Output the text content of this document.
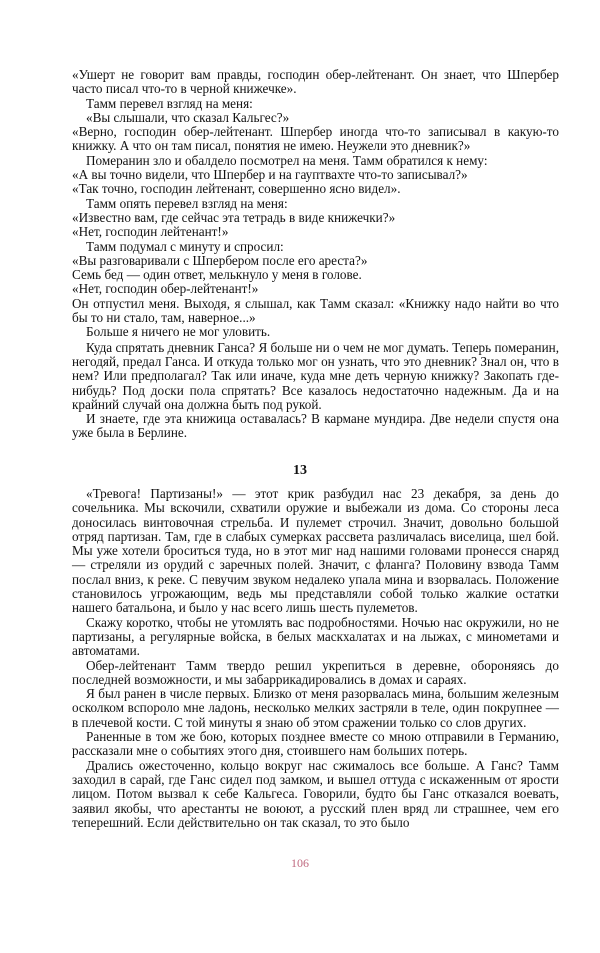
«Ушерт не говорит вам правды, господин обер-лейтенант. Он знает, что Шпербер часто писал что-то в черной книжечке».

Тамм перевел взгляд на меня:

«Вы слышали, что сказал Кальгес?»

«Верно, господин обер-лейтенант. Шпербер иногда что-то записывал в какую-то книжку. А что он там писал, понятия не имею. Неужели это дневник?»

Померанин зло и обалдело посмотрел на меня. Тамм обратился к нему:

«А вы точно видели, что Шпербер и на гауптвахте что-то записывал?»

«Так точно, господин лейтенант, совершенно ясно видел».

Тамм опять перевел взгляд на меня:

«Известно вам, где сейчас эта тетрадь в виде книжечки?»

«Нет, господин лейтенант!»

Тамм подумал с минуту и спросил:

«Вы разговаривали с Шпербером после его ареста?»

Семь бед — один ответ, мелькнуло у меня в голове.

«Нет, господин обер-лейтенант!»

Он отпустил меня. Выходя, я слышал, как Тамм сказал: «Книжку надо найти во что бы то ни стало, там, наверное...»

Больше я ничего не мог уловить.

Куда спрятать дневник Ганса? Я больше ни о чем не мог думать. Теперь померанин, негодяй, предал Ганса. И откуда только мог он узнать, что это дневник? Знал он, что в нем? Или предполагал? Так или иначе, куда мне деть черную книжку? Закопать где-нибудь? Под доски пола спрятать? Все казалось недостаточно надежным. Да и на крайний случай она должна быть под рукой.

И знаете, где эта книжица оставалась? В кармане мундира. Две недели спустя она уже была в Берлине.

13

«Тревога! Партизаны!» — этот крик разбудил нас 23 декабря, за день до сочельника. Мы вскочили, схватили оружие и выбежали из дома. Со стороны леса доносилась винтовочная стрельба. И пулемет строчил. Значит, довольно большой отряд партизан. Там, где в слабых сумерках рассвета различалась виселица, шел бой. Мы уже хотели броситься туда, но в этот миг над нашими головами пронесся снаряд — стреляли из орудий с заречных полей. Значит, с фланга? Половину взвода Тамм послал вниз, к реке. С певучим звуком недалеко упала мина и взорвалась. Положение становилось угрожающим, ведь мы представляли собой только жалкие остатки нашего батальона, и было у нас всего лишь шесть пулеметов.

Скажу коротко, чтобы не утомлять вас подробностями. Ночью нас окружили, но не партизаны, а регулярные войска, в белых маскхалатах и на лыжах, с минометами и автоматами.

Обер-лейтенант Тамм твердо решил укрепиться в деревне, обороняясь до последней возможности, и мы забаррикадировались в домах и сараях.

Я был ранен в числе первых. Близко от меня разорвалась мина, большим железным осколком вспороло мне ладонь, несколько мелких застряли в теле, один покрупнее — в плечевой кости. С той минуты я знаю об этом сражении только со слов других.

Раненные в том же бою, которых позднее вместе со мною отправили в Германию, рассказали мне о событиях этого дня, стоившего нам больших потерь.

Дрались ожесточенно, кольцо вокруг нас сжималось все больше. А Ганс? Тамм заходил в сарай, где Ганс сидел под замком, и вышел оттуда с искаженным от ярости лицом. Потом вызвал к себе Кальгеса. Говорили, будто бы Ганс отказался воевать, заявил якобы, что арестанты не воюют, а русский плен вряд ли страшнее, чем его теперешний. Если действительно он так сказал, то это было

106
